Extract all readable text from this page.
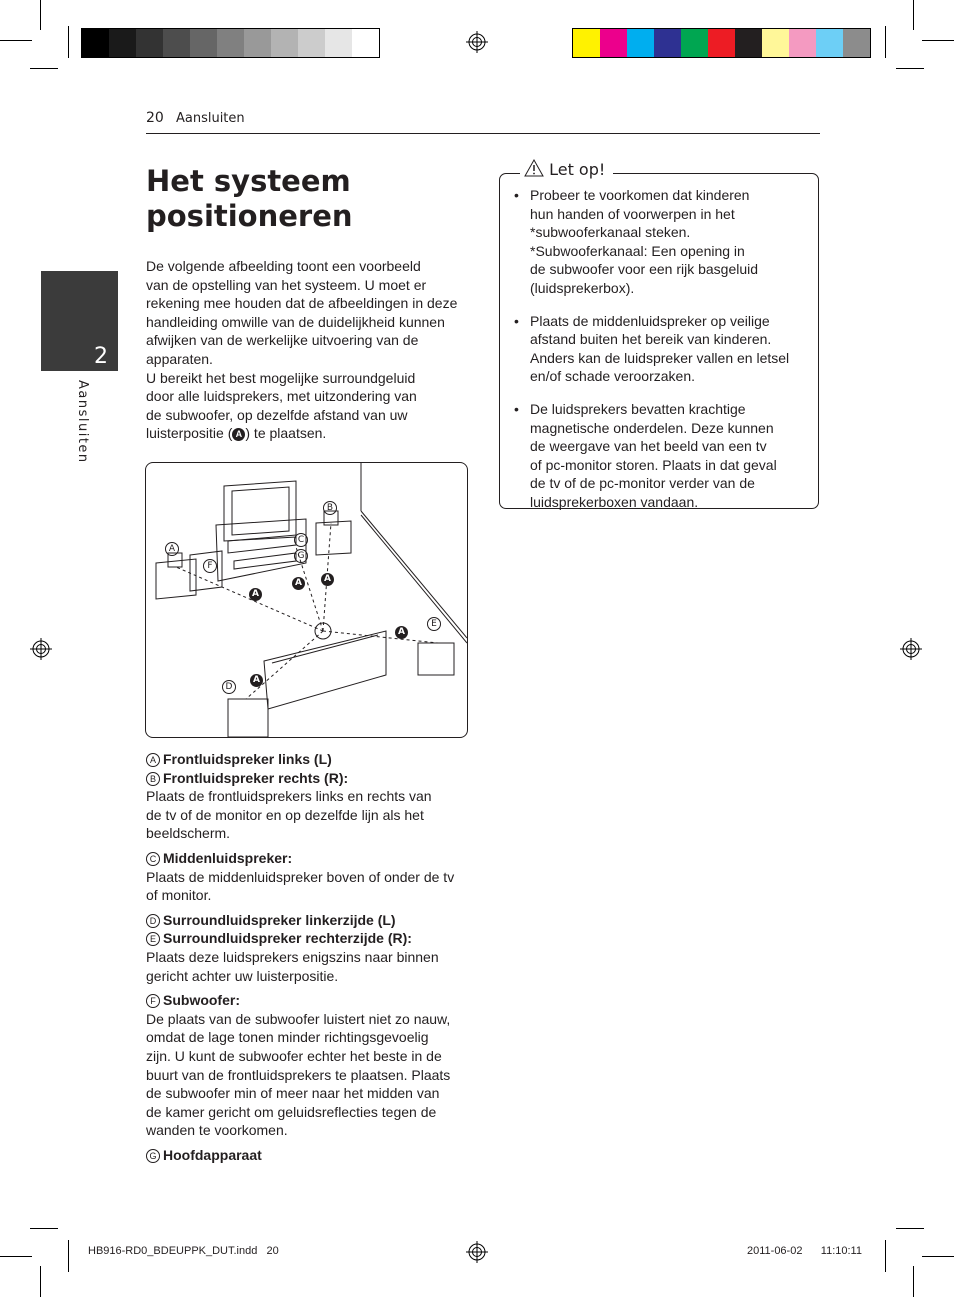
20 Aansluiten
2
Aansluiten
Het systeem positioneren
De volgende afbeelding toont een voorbeeld
van de opstelling van het systeem. U moet er
rekening mee houden dat de afbeeldingen in deze
handleiding omwille van de duidelijkheid kunnen
afwijken van de werkelijke uitvoering van de
apparaten.
U bereikt het best mogelijke surroundgeluid
door alle luidsprekers, met uitzondering van
de subwoofer, op dezelfde afstand van uw
luisterpositie ( A ) te plaatsen.
A
B
C
G
F
E
D
A
A	A
A
A
A Frontluidspreker links (L)
B Frontluidspreker rechts (R):
Plaats de frontluidsprekers links en rechts van
de tv of de monitor en op dezelfde lijn als het
beeldscherm.
C Middenluidspreker:
Plaats de middenluidspreker boven of onder de tv
of monitor.
D Surroundluidspreker linkerzijde (L)
E Surroundluidspreker rechterzijde (R):
Plaats deze luidsprekers enigszins naar binnen
gericht achter uw luisterpositie.
F Subwoofer:
De plaats van de subwoofer luistert niet zo nauw,
omdat de lage tonen minder richtingsgevoelig
zijn. U kunt de subwoofer echter het beste in de
buurt van de frontluidsprekers te plaatsen. Plaats
de subwoofer min of meer naar het midden van
de kamer gericht om geluidsreflecties tegen de
wanden te voorkomen.
G Hoofdapparaat
Let op!
• Probeer te voorkomen dat kinderen
hun handen of voorwerpen in het
*subwooferkanaal steken.
*Subwooferkanaal: Een opening in
de subwoofer voor een rijk basgeluid
(luidsprekerbox).
• Plaats de middenluidspreker op veilige
afstand buiten het bereik van kinderen.
Anders kan de luidspreker vallen en letsel
en/of schade veroorzaken.
• De luidsprekers bevatten krachtige
magnetische onderdelen. Deze kunnen
de weergave van het beeld van een tv
of pc-monitor storen. Plaats in dat geval
de tv of de pc-monitor verder van de
luidsprekerboxen vandaan.
HB916-RD0_BDEUPPK_DUT.indd   20	2011-06-02      11:10:11
